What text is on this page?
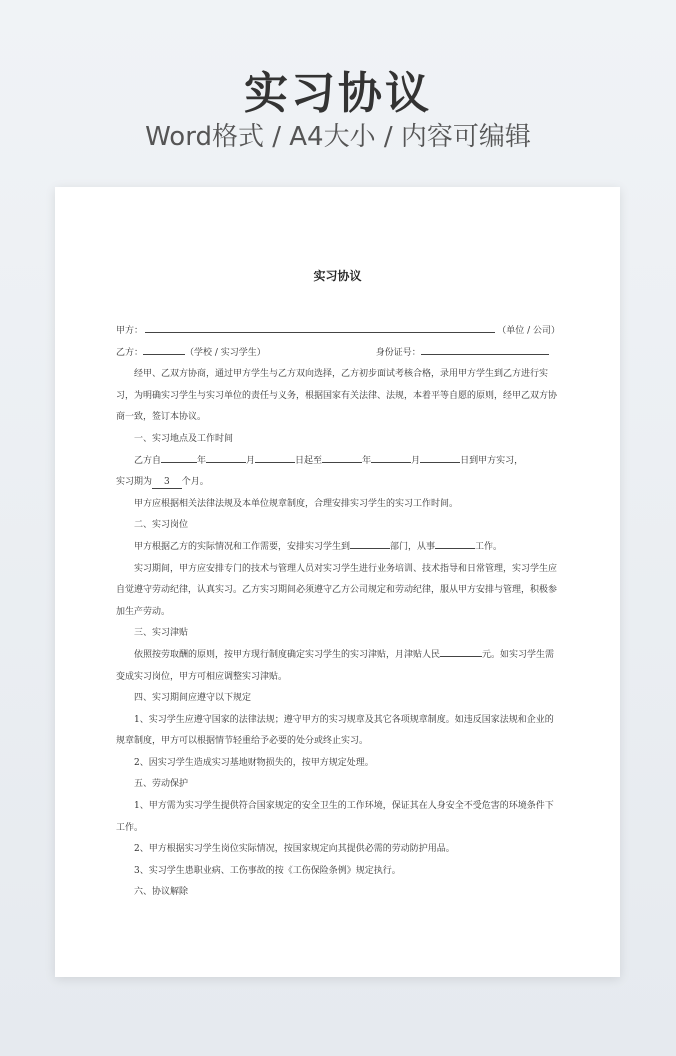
实习协议
Word格式 / A4大小 / 内容可编辑
实习协议
甲方：	（单位 / 公司）
乙方：	（学校 / 实习学生）	身份证号：

经甲、乙双方协商，通过甲方学生与乙方双向选择，乙方初步面试考核合格，录用甲方学生到乙方进行实习，为明确实习学生与实习单位的责任与义务，根据国家有关法律、法规，本着平等自愿的原则，经甲乙双方协商一致，签订本协议。

一、实习地点及工作时间

乙方自	年	月	日起至	年	月	日到甲方实习，

实习期为 3 个月。

甲方应根据相关法律法规及本单位规章制度，合理安排实习学生的实习工作时间。

二、实习岗位

甲方根据乙方的实际情况和工作需要，安排实习学生到	部门，从事	工作。

实习期间，甲方应安排专门的技术与管理人员对实习学生进行业务培训、技术指导和日常管理，实习学生应自觉遵守劳动纪律，认真实习。乙方实习期间必须遵守乙方公司规定和劳动纪律，服从甲方安排与管理，积极参加生产劳动。

三、实习津贴

依照按劳取酬的原则，按甲方现行制度确定实习学生的实习津贴，月津贴人民	元。如实习学生需变成实习岗位，甲方可相应调整实习津贴。

四、实习期间应遵守以下规定

1、实习学生应遵守国家的法律法规；遵守甲方的实习规章及其它各项规章制度。如违反国家法规和企业的规章制度，甲方可以根据情节轻重给予必要的处分或终止实习。

2、因实习学生造成实习基地财物损失的，按甲方规定处理。

五、劳动保护

1、甲方需为实习学生提供符合国家规定的安全卫生的工作环境，保证其在人身安全不受危害的环境条件下工作。

2、甲方根据实习学生岗位实际情况，按国家规定向其提供必需的劳动防护用品。

3、实习学生患职业病、工伤事故的按《工伤保险条例》规定执行。

六、协议解除
